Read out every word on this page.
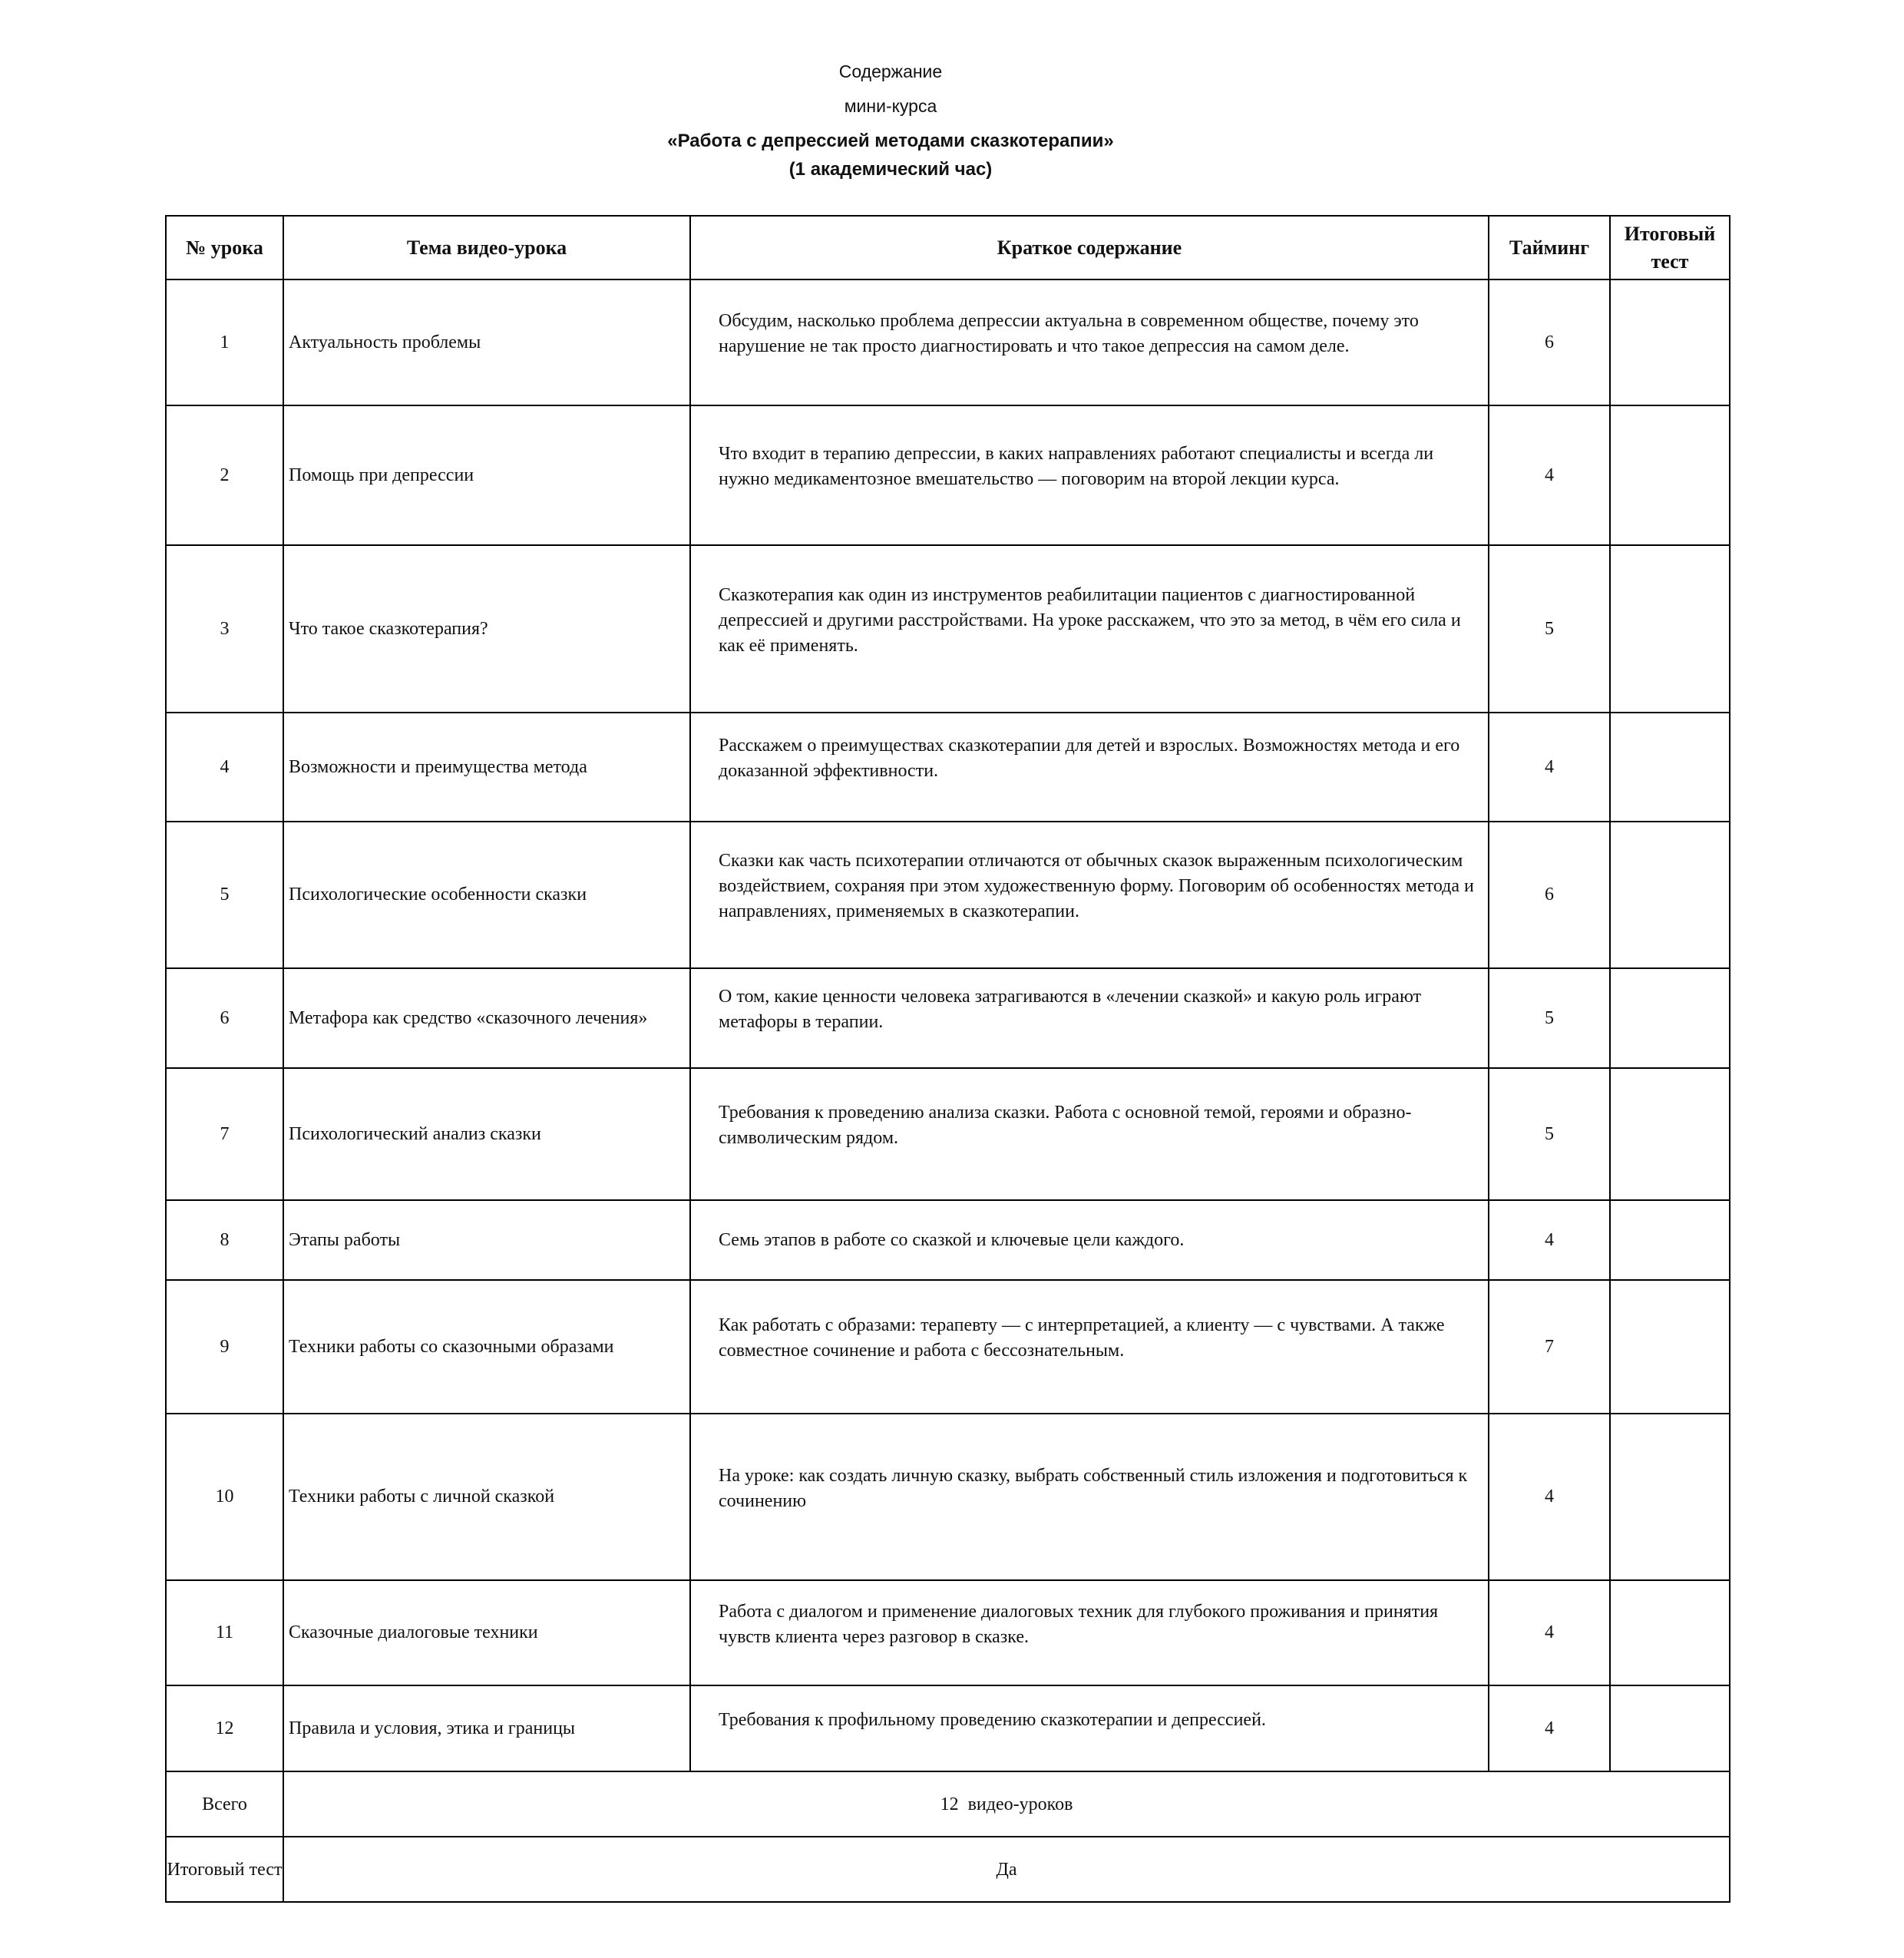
Содержание
мини-курса
«Работа с депрессией методами сказкотерапии»
(1 академический час)
№ урока	Тема видео-урока	Краткое содержание	Тайминг	Итоговый тест
1	Актуальность проблемы	Обсудим, насколько проблема депрессии актуальна в современном обществе, почему это нарушение не так просто диагностировать и что такое депрессия на самом деле.	6	
2	Помощь при депрессии	Что входит в терапию депрессии, в каких направлениях работают специалисты и всегда ли нужно медикаментозное вмешательство — поговорим на второй лекции курса.	4	
3	Что такое сказкотерапия?	Сказкотерапия как один из инструментов реабилитации пациентов с диагностированной депрессией и другими расстройствами. На уроке расскажем, что это за метод, в чём его сила и как её применять.	5	
4	Возможности и преимущества метода	Расскажем о преимуществах сказкотерапии для детей и взрослых. Возможностях метода и его доказанной эффективности.	4	
5	Психологические особенности сказки	Сказки как часть психотерапии отличаются от обычных сказок выраженным психологическим воздействием, сохраняя при этом художественную форму. Поговорим об особенностях метода и направлениях, применяемых в сказкотерапии.	6	
6	Метафора как средство «сказочного лечения»	О том, какие ценности человека затрагиваются в «лечении сказкой» и какую роль играют метафоры в терапии.	5	
7	Психологический анализ сказки	Требования к проведению анализа сказки. Работа с основной темой, героями и образно-символическим рядом.	5	
8	Этапы работы	Семь этапов в работе со сказкой и ключевые цели каждого.	4	
9	Техники работы со сказочными образами	Как работать с образами: терапевту — с интерпретацией, а клиенту — с чувствами. А также совместное сочинение и работа с бессознательным.	7	
10	Техники работы с личной сказкой	На уроке: как создать личную сказку, выбрать собственный стиль изложения и подготовиться к сочинению	4	
11	Сказочные диалоговые техники	Работа с диалогом и применение диалоговых техник для глубокого проживания и принятия чувств клиента через разговор в сказке.	4	
12	Правила и условия, этика и границы	Требования к профильному проведению сказкотерапии и депрессией.	4	
Всего	12  видео-уроков			
Итоговый тест	Да			
